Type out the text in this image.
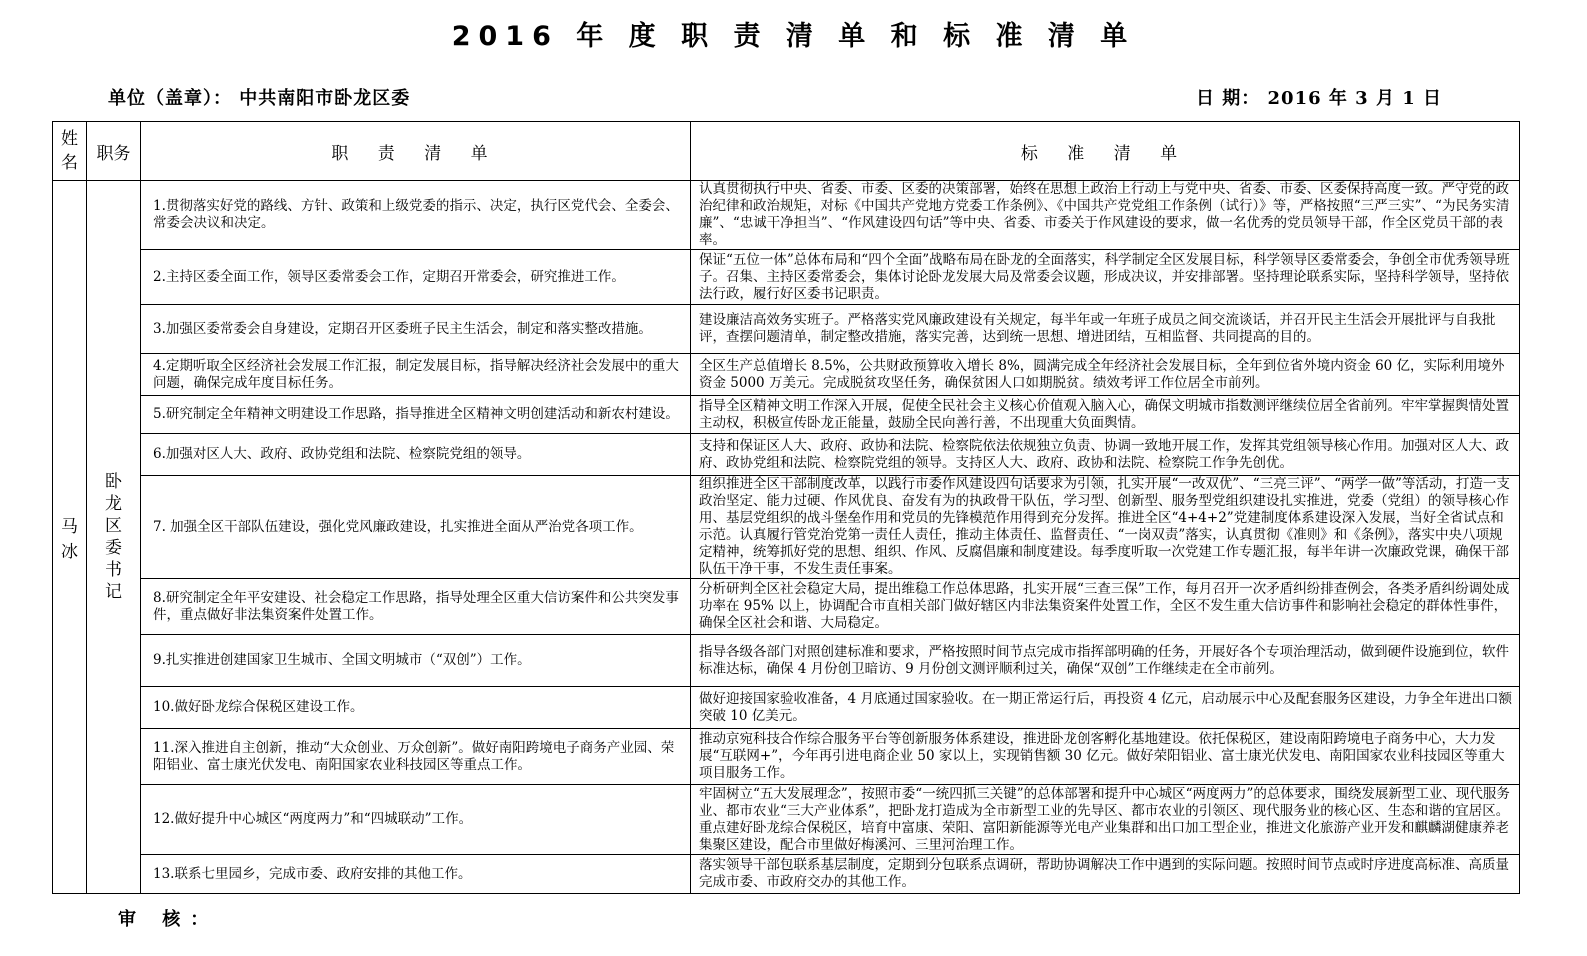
2016 年 度 职 责 清 单 和 标 准 清 单
单位（盖章）： 中共南阳市卧龙区委	日 期： 2016 年 3 月 1 日
姓名	职务	职 责 清 单	标 准 清 单
马冰	卧龙区委书记	1.贯彻落实好党的路线、方针、政策和上级党委的指示、决定，执行区党代会、全委会、常委会决议和决定。	认真贯彻执行中央、省委、市委、区委的决策部署，始终在思想上政治上行动上与党中央、省委、市委、区委保持高度一致。严守党的政治纪律和政治规矩，对标《中国共产党地方党委工作条例》、《中国共产党党组工作条例（试行）》等，严格按照“三严三实”、“为民务实清廉”、“忠诚干净担当”、“作风建设四句话”等中央、省委、市委关于作风建设的要求，做一名优秀的党员领导干部，作全区党员干部的表率。
		2.主持区委全面工作，领导区委常委会工作，定期召开常委会，研究推进工作。	保证“五位一体”总体布局和“四个全面”战略布局在卧龙的全面落实，科学制定全区发展目标，科学领导区委常委会，争创全市优秀领导班子。召集、主持区委常委会，集体讨论卧龙发展大局及常委会议题，形成决议，并安排部署。坚持理论联系实际，坚持科学领导，坚持依法行政，履行好区委书记职责。
		3.加强区委常委会自身建设，定期召开区委班子民主生活会，制定和落实整改措施。	建设廉洁高效务实班子。严格落实党风廉政建设有关规定，每半年或一年班子成员之间交流谈话，并召开民主生活会开展批评与自我批评，查摆问题清单，制定整改措施，落实完善，达到统一思想、增进团结，互相监督、共同提高的目的。
		4.定期听取全区经济社会发展工作汇报，制定发展目标，指导解决经济社会发展中的重大问题，确保完成年度目标任务。	全区生产总值增长 8.5%，公共财政预算收入增长 8%，圆满完成全年经济社会发展目标，全年到位省外境内资金 60 亿，实际利用境外资金 5000 万美元。完成脱贫攻坚任务，确保贫困人口如期脱贫。绩效考评工作位居全市前列。
		5.研究制定全年精神文明建设工作思路，指导推进全区精神文明创建活动和新农村建设。	指导全区精神文明工作深入开展，促使全民社会主义核心价值观入脑入心，确保文明城市指数测评继续位居全省前列。牢牢掌握舆情处置主动权，积极宣传卧龙正能量，鼓励全民向善行善，不出现重大负面舆情。
		6.加强对区人大、政府、政协党组和法院、检察院党组的领导。	支持和保证区人大、政府、政协和法院、检察院依法依规独立负责、协调一致地开展工作，发挥其党组领导核心作用。加强对区人大、政府、政协党组和法院、检察院党组的领导。支持区人大、政府、政协和法院、检察院工作争先创优。
		7. 加强全区干部队伍建设，强化党风廉政建设，扎实推进全面从严治党各项工作。	组织推进全区干部制度改革，以践行市委作风建设四句话要求为引领，扎实开展“一改双优”、“三亮三评”、“两学一做”等活动，打造一支政治坚定、能力过硬、作风优良、奋发有为的执政骨干队伍，学习型、创新型、服务型党组织建设扎实推进，党委（党组）的领导核心作用、基层党组织的战斗堡垒作用和党员的先锋模范作用得到充分发挥。推进全区“4+4+2”党建制度体系建设深入发展，当好全省试点和示范。认真履行管党治党第一责任人责任，推动主体责任、监督责任、“一岗双责”落实，认真贯彻《准则》和《条例》，落实中央八项规定精神，统筹抓好党的思想、组织、作风、反腐倡廉和制度建设。每季度听取一次党建工作专题汇报，每半年讲一次廉政党课，确保干部队伍干净干事，不发生责任事案。
		8.研究制定全年平安建设、社会稳定工作思路，指导处理全区重大信访案件和公共突发事件，重点做好非法集资案件处置工作。	分析研判全区社会稳定大局，提出维稳工作总体思路，扎实开展“三查三保”工作，每月召开一次矛盾纠纷排查例会，各类矛盾纠纷调处成功率在 95% 以上，协调配合市直相关部门做好辖区内非法集资案件处置工作，全区不发生重大信访事件和影响社会稳定的群体性事件，确保全区社会和谐、大局稳定。
		9.扎实推进创建国家卫生城市、全国文明城市（“双创”）工作。	指导各级各部门对照创建标准和要求，严格按照时间节点完成市指挥部明确的任务，开展好各个专项治理活动，做到硬件设施到位，软件标准达标，确保 4 月份创卫暗访、9 月份创文测评顺利过关，确保“双创”工作继续走在全市前列。
		10.做好卧龙综合保税区建设工作。	做好迎接国家验收准备，4 月底通过国家验收。在一期正常运行后，再投资 4 亿元，启动展示中心及配套服务区建设，力争全年进出口额突破 10 亿美元。
		11.深入推进自主创新，推动“大众创业、万众创新”。做好南阳跨境电子商务产业园、荣阳铝业、富士康光伏发电、南阳国家农业科技园区等重点工作。	推动京宛科技合作综合服务平台等创新服务体系建设，推进卧龙创客孵化基地建设。依托保税区，建设南阳跨境电子商务中心，大力发展“互联网+”，今年再引进电商企业 50 家以上，实现销售额 30 亿元。做好荣阳铝业、富士康光伏发电、南阳国家农业科技园区等重大项目服务工作。
		12.做好提升中心城区“两度两力”和“四城联动”工作。	牢固树立“五大发展理念”，按照市委“一统四抓三关键”的总体部署和提升中心城区“两度两力”的总体要求，围绕发展新型工业、现代服务业、都市农业“三大产业体系”，把卧龙打造成为全市新型工业的先导区、都市农业的引领区、现代服务业的核心区、生态和谐的宜居区。重点建好卧龙综合保税区，培育中富康、荣阳、富阳新能源等光电产业集群和出口加工型企业，推进文化旅游产业开发和麒麟湖健康养老集聚区建设，配合市里做好梅溪河、三里河治理工作。
		13.联系七里园乡，完成市委、政府安排的其他工作。	落实领导干部包联系基层制度，定期到分包联系点调研，帮助协调解决工作中遇到的实际问题。按照时间节点或时序进度高标准、高质量完成市委、市政府交办的其他工作。
审 核：
